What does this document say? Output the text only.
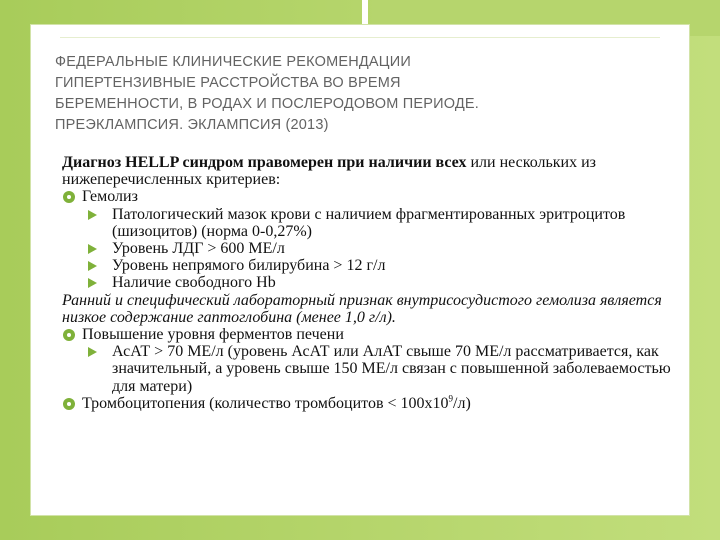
ФЕДЕРАЛЬНЫЕ КЛИНИЧЕСКИЕ РЕКОМЕНДАЦИИ
ГИПЕРТЕНЗИВНЫЕ РАССТРОЙСТВА ВО ВРЕМЯ
БЕРЕМЕННОСТИ, В РОДАХ И ПОСЛЕРОДОВОМ ПЕРИОДЕ.
ПРЕЭКЛАМПСИЯ. ЭКЛАМПСИЯ (2013)
Диагноз HELLP синдром правомерен при наличии всех или нескольких из нижеперечисленных критериев:
Гемолиз
Патологический мазок крови с наличием фрагментированных эритроцитов (шизоцитов) (норма 0-0,27%)
Уровень ЛДГ > 600 МЕ/л
Уровень непрямого билирубина > 12 г/л
Наличие свободного Hb
Ранний и специфический лабораторный признак внутрисосудистого гемолиза является низкое содержание гаптоглобина (менее 1,0 г/л).
Повышение уровня ферментов печени
АсАТ > 70 МЕ/л (уровень АсАТ или АлАТ свыше 70 МЕ/л рассматривается, как значительный, а уровень свыше 150 МЕ/л связан с повышенной заболеваемостью для матери)
Тромбоцитопения (количество тромбоцитов < $100х10^9/л$)
